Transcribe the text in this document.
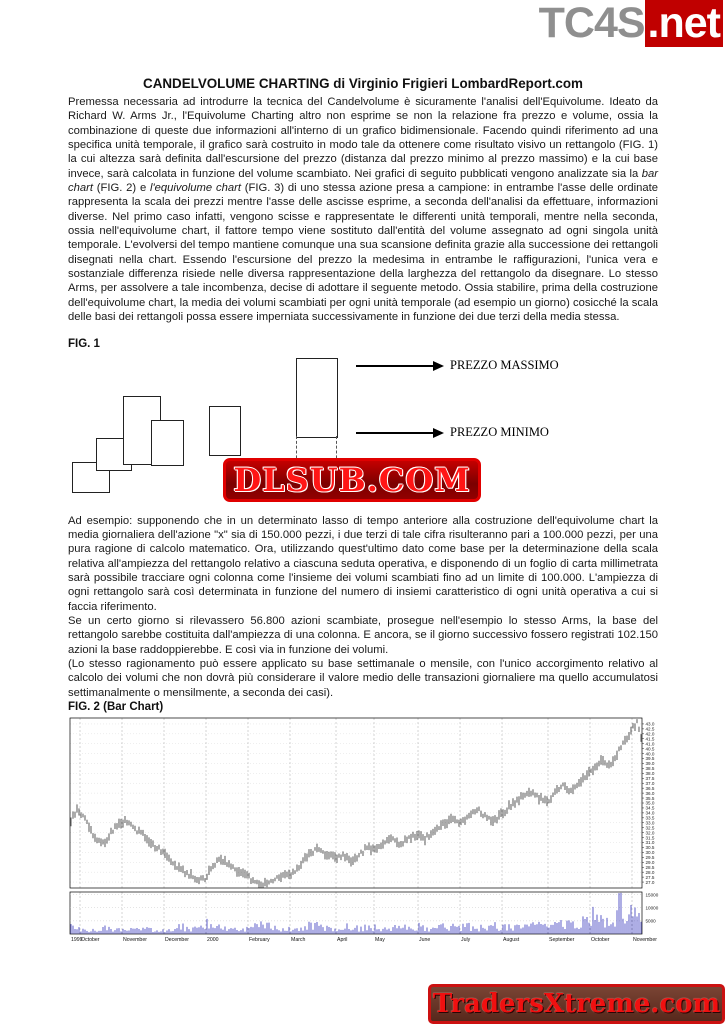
TC4S.net
CANDELVOLUME CHARTING di Virginio Frigieri LombardReport.com

Premessa necessaria ad introdurre la tecnica del Candelvolume è sicuramente l'analisi dell'Equivolume. Ideato da Richard W. Arms Jr., l'Equivolume Charting altro non esprime se non la relazione fra prezzo e volume, ossia la combinazione di queste due informazioni all'interno di un grafico bidimensionale. Facendo quindi riferimento ad una specifica unità temporale, il grafico sarà costruito in modo tale da ottenere come risultato visivo un rettangolo (FIG. 1) la cui altezza sarà definita dall'escursione del prezzo (distanza dal prezzo minimo al prezzo massimo) e la cui base invece, sarà calcolata in funzione del volume scambiato. Nei grafici di seguito pubblicati vengono analizzate sia la bar chart (FIG. 2) e l'equivolume chart (FIG. 3) di uno stessa azione presa a campione: in entrambe l'asse delle ordinate rappresenta la scala dei prezzi mentre l'asse delle ascisse esprime, a seconda dell'analisi da effettuare, informazioni diverse. Nel primo caso infatti, vengono scisse e rappresentate le differenti unità temporali, mentre nella seconda, ossia nell'equivolume chart, il fattore tempo viene sostituto dall'entità del volume assegnato ad ogni singola unità temporale. L'evolversi del tempo mantiene comunque una sua scansione definita grazie alla successione dei rettangoli disegnati nella chart. Essendo l'escursione del prezzo la medesima in entrambe le raffigurazioni, l'unica vera e sostanziale differenza risiede nelle diversa rappresentazione della larghezza del rettangolo da disegnare. Lo stesso Arms, per assolvere a tale incombenza, decise di adottare il seguente metodo. Ossia stabilire, prima della costruzione dell'equivolume chart, la media dei volumi scambiati per ogni unità temporale (ad esempio un giorno) cosicché la scala delle basi dei rettangoli possa essere imperniata successivamente in funzione dei due terzi della media stessa.

FIG. 1
PREZZO MASSIMO
PREZZO MINIMO
DLSUB.COM

Ad esempio: supponendo che in un determinato lasso di tempo anteriore alla costruzione dell'equivolume chart la media giornaliera dell'azione "x" sia di 150.000 pezzi, i due terzi di tale cifra risulteranno pari a 100.000 pezzi, per una pura ragione di calcolo matematico. Ora, utilizzando quest'ultimo dato come base per la determinazione della scala relativa all'ampiezza del rettangolo relativo a ciascuna seduta operativa, e disponendo di un foglio di carta millimetrata sarà possibile tracciare ogni colonna come l'insieme dei volumi scambiati fino ad un limite di 100.000. L'ampiezza di ogni rettangolo sarà così determinata in funzione del numero di insiemi caratteristico di ogni unità operativa a cui si faccia riferimento.

Se un certo giorno si rilevassero 56.800 azioni scambiate, prosegue nell'esempio lo stesso Arms, la base del rettangolo sarebbe costituita dall'ampiezza di una colonna. E ancora, se il giorno successivo fossero registrati 102.150 azioni la base raddoppierebbe. E così via in funzione dei volumi.

(Lo stesso ragionamento può essere applicato su base settimanale o mensile, con l'unico accorgimento relativo al calcolo dei volumi che non dovrà più considerare il valore medio delle transazioni giornaliere ma quello accumulatosi settimanalmente o mensilmente, a seconda dei casi).

FIG. 2 (Bar Chart)
1999
October	November	December	2000	February	March	April	May	June	July	August	September	October	November
43.0
42.5
42.0
41.5
41.0
40.5
40.0
39.5
39.0
38.5
38.0
37.5
37.0
36.5
36.0
35.5
35.0
34.5
34.0
33.5
33.0
32.5
32.0
31.5
31.0
30.5
30.0
29.5
29.0
28.5
28.0
27.5
27.0
15000
10000
5000
TradersXtreme.com
